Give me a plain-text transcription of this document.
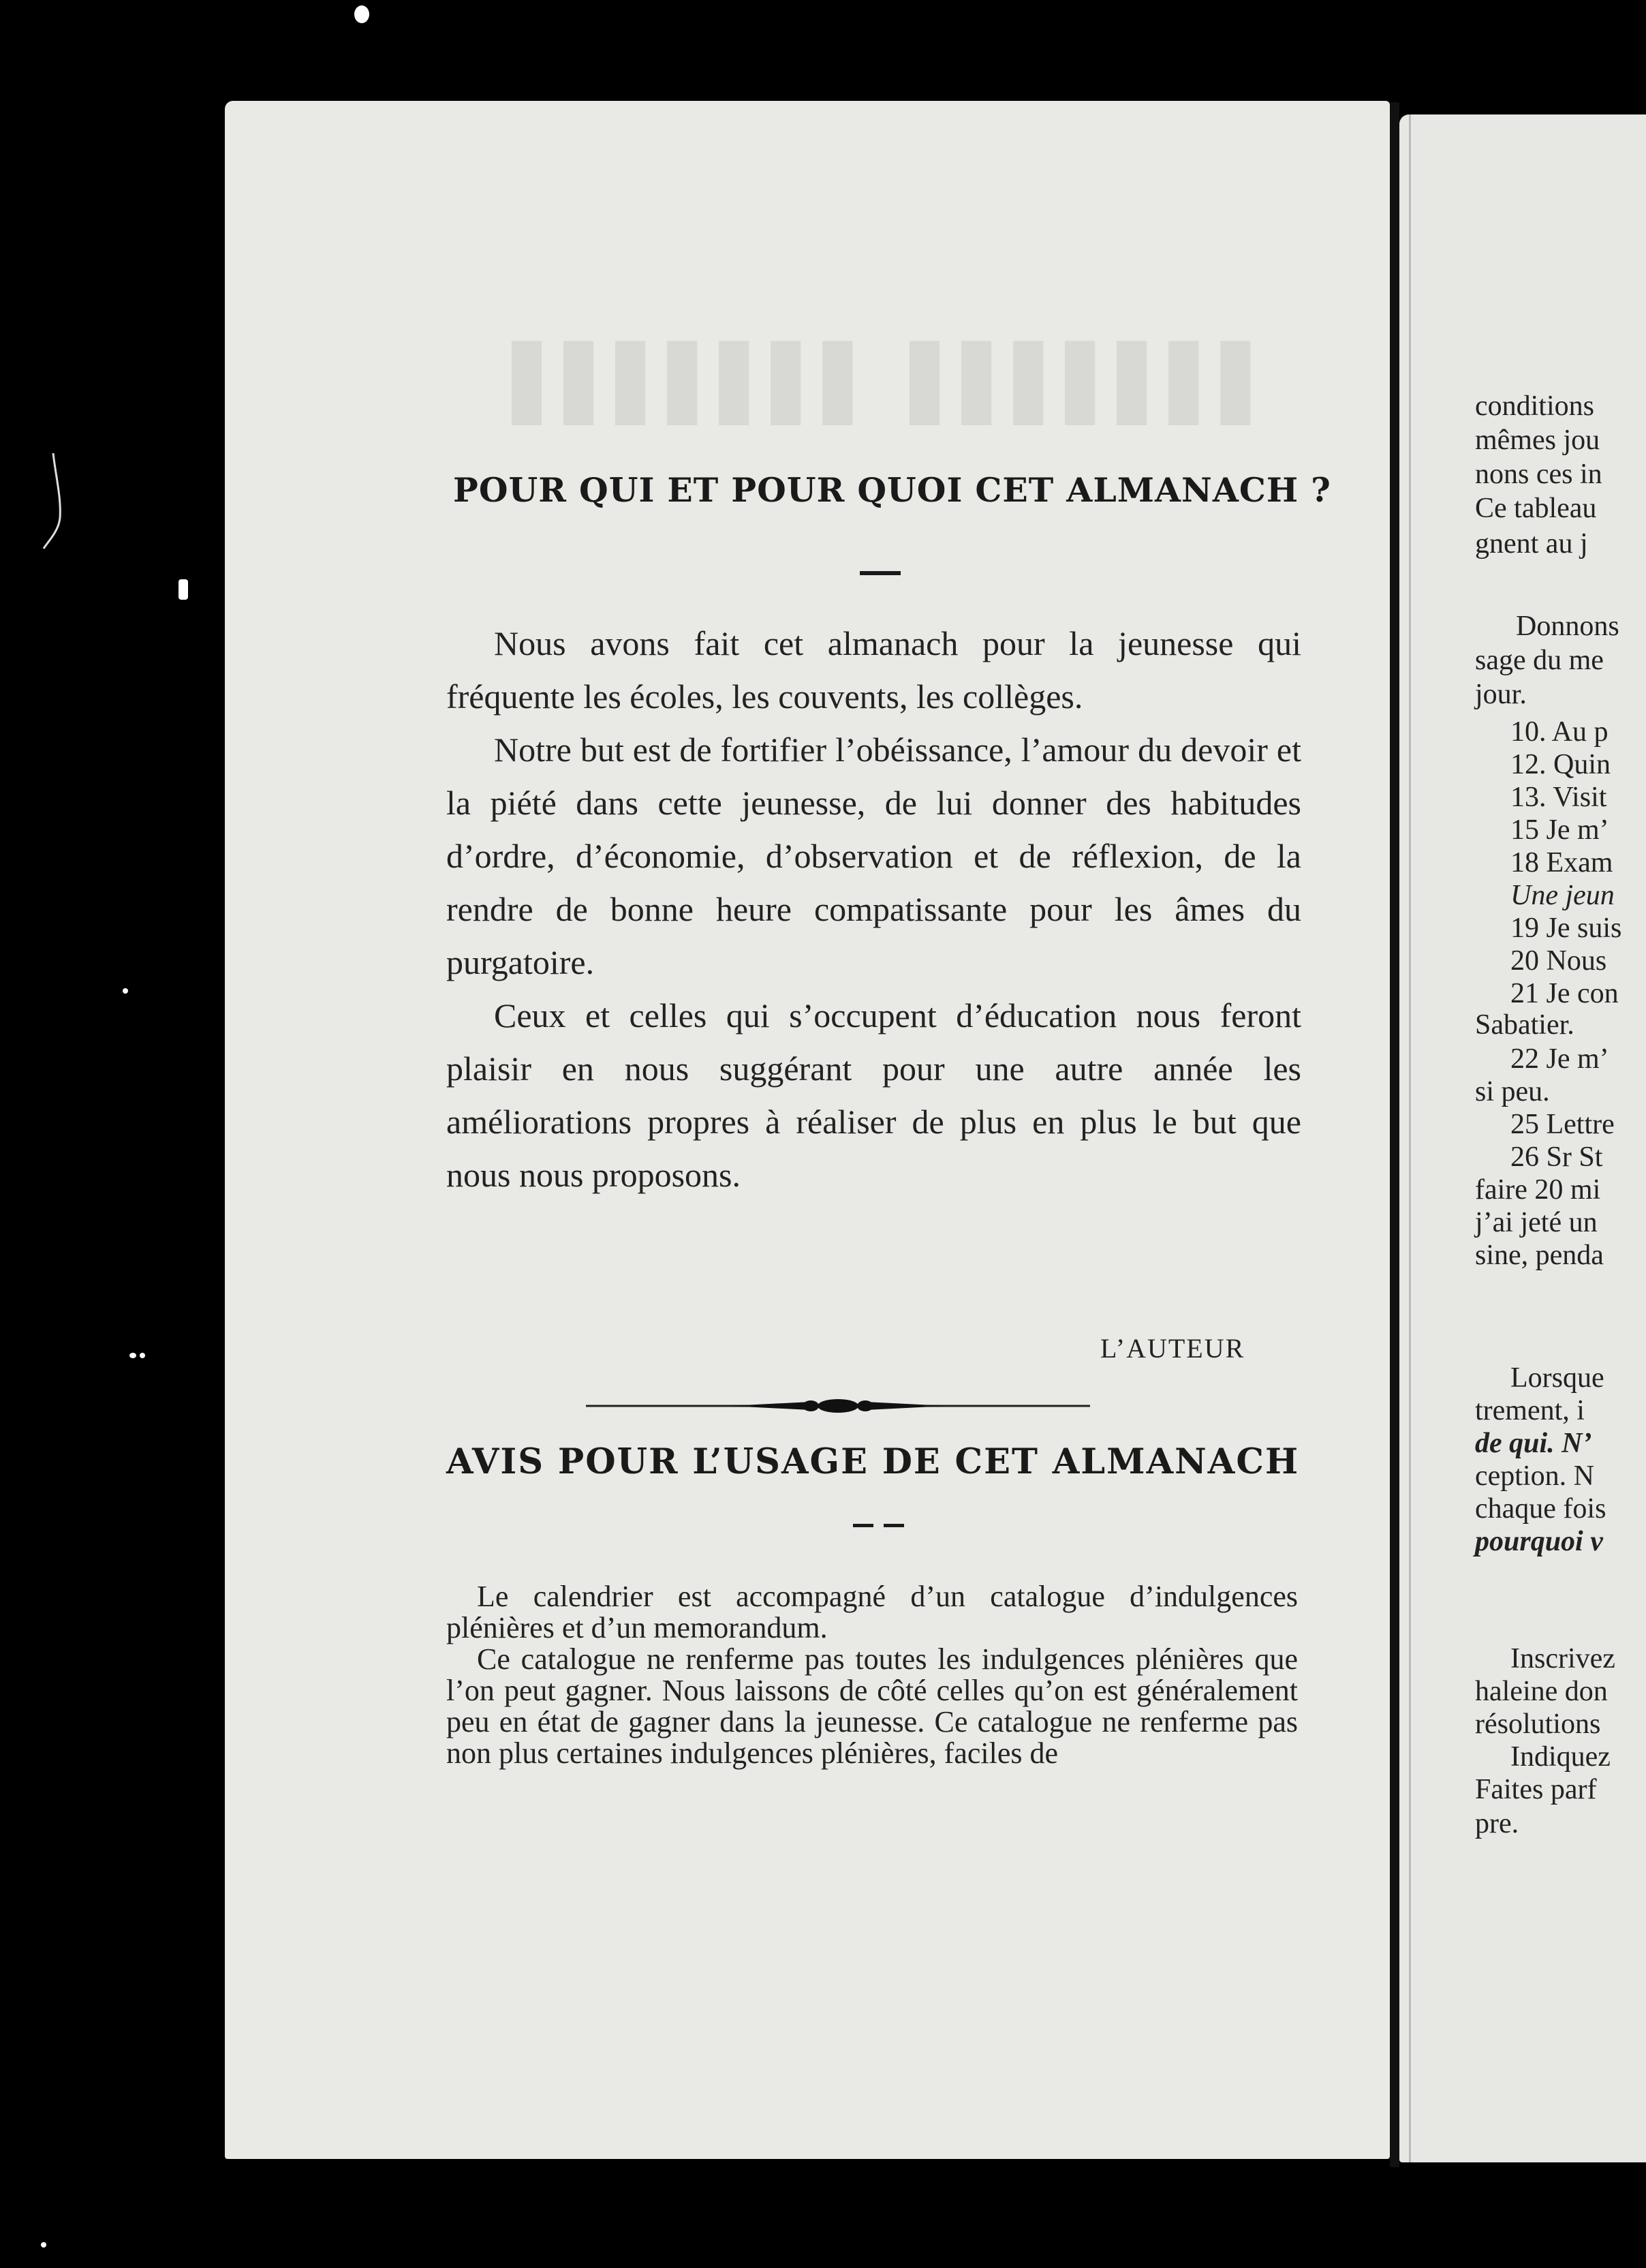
▮▮▮▮▮▮▮ ▮▮▮▮▮▮▮
POUR QUI ET POUR QUOI CET ALMANACH ?

Nous avons fait cet almanach pour la jeunesse qui fréquente les écoles, les couvents, les collèges.

Notre but est de fortifier l’obéissance, l’amour du devoir et la piété dans cette jeunesse, de lui donner des habitudes d’ordre, d’économie, d’observation et de réflexion, de la rendre de bonne heure compatissante pour les âmes du purgatoire.

Ceux et celles qui s’occupent d’éducation nous feront plaisir en nous suggérant pour une autre année les améliorations propres à réaliser de plus en plus le but que nous nous proposons.

L’AUTEUR
AVIS POUR L’USAGE DE CET ALMANACH

Le calendrier est accompagné d’un catalogue d’indulgences plénières et d’un memorandum.

Ce catalogue ne renferme pas toutes les indulgences plénières que l’on peut gagner. Nous laissons de côté celles qu’on est généralement peu en état de gagner dans la jeunesse. Ce catalogue ne renferme pas non plus certaines indulgences plénières, faciles de

conditions
mêmes jou
nons ces in
Ce tableau
gnent au j
Donnons
sage du me
jour.
10. Au p
12. Quin
13. Visit
15 Je m’
18 Exam
Une jeun
19 Je suis
20 Nous
21 Je con
Sabatier.
22 Je m’
si peu.
25 Lettre
26 Sr St
faire 20 mi
j’ai jeté un
sine, penda
Lorsque
trement, i
de qui. N’
ception. N
chaque fois
pourquoi v
Inscrivez
haleine don
résolutions
Indiquez
Faites parf
pre.
